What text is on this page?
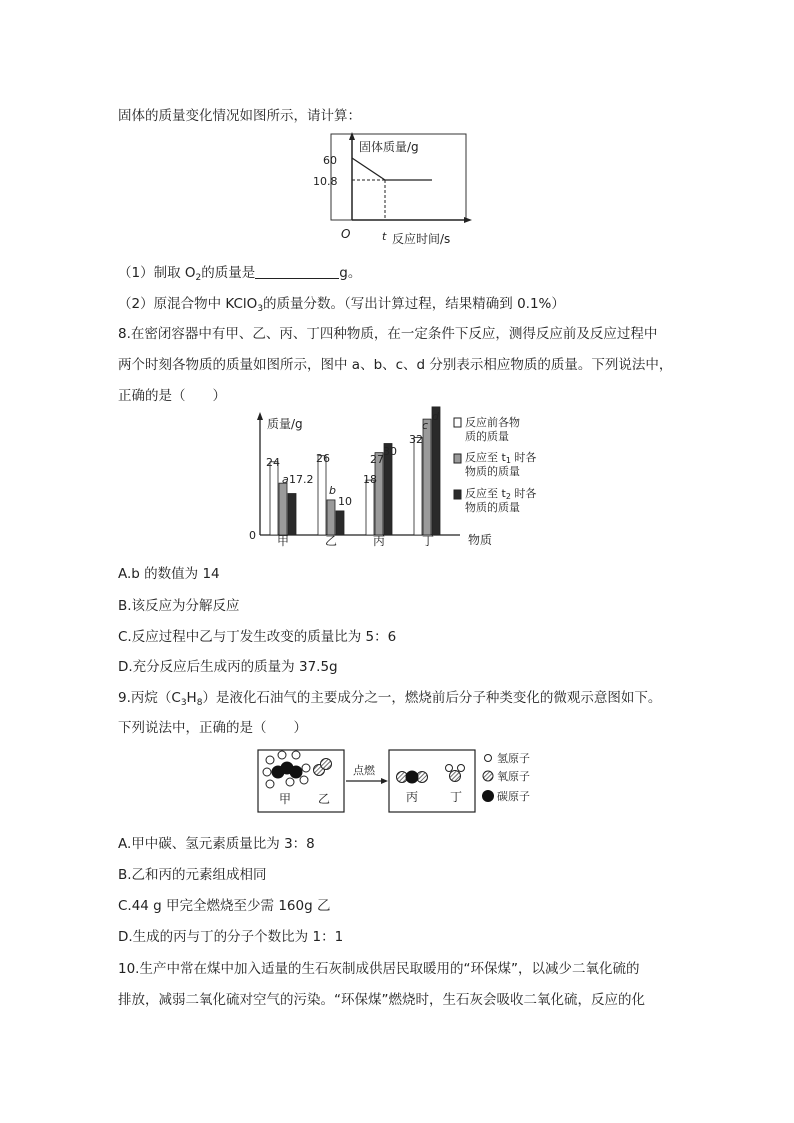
固体的质量变化情况如图所示，请计算：
固体质量/g
60
10.8
O	t 反应时间/s
（1）制取 $O_2$的质量是	g。
（2）原混合物中 KClO$_3$的质量分数。（写出计算过程，结果精确到 0.1%）
8.在密闭容器中有甲、乙、丙、丁四种物质，在一定条件下反应，测得反应前及反应过程中
两个时刻各物质的质量如图所示，图中 a、b、c、d 分别表示相应物质的质量。下列说法中，
正确的是（　　）
质量/g
0	物质
甲	乙	丙	丁
24
a 17.2
26
b
10
18
27
30
32
c
d 反应前各物
质的质量
反应至 t1 时各
物质的质量
反应至 t2 时各
物质的质量
A.b 的数值为 14
B.该反应为分解反应
C.反应过程中乙与丁发生改变的质量比为 5：6
D.充分反应后生成丙的质量为 37.5g
9.丙烷$(C_3H_8)$是液化石油气的主要成分之一，燃烧前后分子种类变化的微观示意图如下。
下列说法中，正确的是（　　）
甲 乙
点燃
丙	丁
氢原子
氧原子
碳原子
A.甲中碳、氢元素质量比为 3：8
B.乙和丙的元素组成相同
C.44 g 甲完全燃烧至少需 160g 乙
D.生成的丙与丁的分子个数比为 1：1
10.生产中常在煤中加入适量的生石灰制成供居民取暖用的“环保煤”，以减少二氧化硫的
排放，减弱二氧化硫对空气的污染。“环保煤”燃烧时，生石灰会吸收二氧化硫，反应的化
